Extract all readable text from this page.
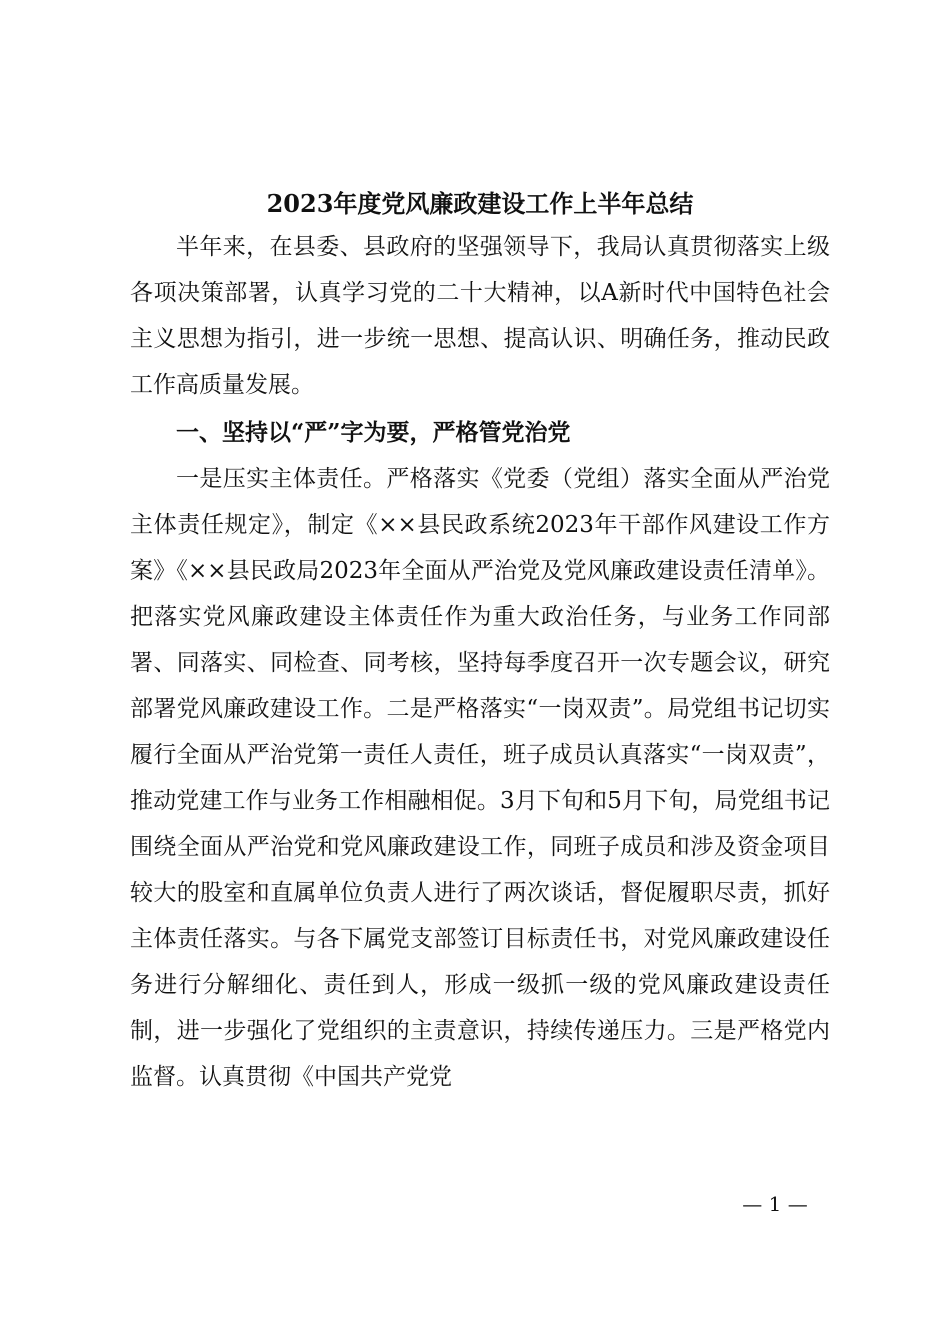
2023年度党风廉政建设工作上半年总结

半年来，在县委、县政府的坚强领导下，我局认真贯彻落实上级各项决策部署，认真学习党的二十大精神，以A新时代中国特色社会主义思想为指引，进一步统一思想、提高认识、明确任务，推动民政工作高质量发展。

一、坚持以“严”字为要，严格管党治党

一是压实主体责任。严格落实《党委（党组）落实全面从严治党主体责任规定》，制定《××县民政系统2023年干部作风建设工作方案》《××县民政局2023年全面从严治党及党风廉政建设责任清单》。把落实党风廉政建设主体责任作为重大政治任务，与业务工作同部署、同落实、同检查、同考核，坚持每季度召开一次专题会议，研究部署党风廉政建设工作。二是严格落实“一岗双责”。局党组书记切实履行全面从严治党第一责任人责任，班子成员认真落实“一岗双责”，推动党建工作与业务工作相融相促。3月下旬和5月下旬，局党组书记围绕全面从严治党和党风廉政建设工作，同班子成员和涉及资金项目较大的股室和直属单位负责人进行了两次谈话，督促履职尽责，抓好主体责任落实。与各下属党支部签订目标责任书，对党风廉政建设任务进行分解细化、责任到人，形成一级抓一级的党风廉政建设责任制，进一步强化了党组织的主责意识，持续传递压力。三是严格党内监督。认真贯彻《中国共产党党

— 1 —
